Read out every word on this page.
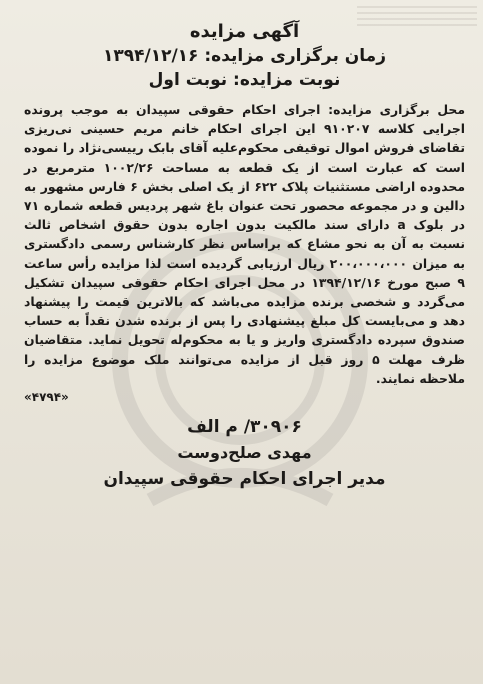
آگهی مزایده
زمان برگزاری مزایده: ۱۳۹۴/۱۲/۱۶
نوبت مزایده: نوبت اول

محل برگزاری مزایده: اجرای احکام حقوقی سپیدان به موجب پرونده اجرایی کلاسه ۹۱۰۲۰۷ این اجرای احکام خانم مریم حسینی نی‌ریزی تقاضای فروش اموال توقیفی محکوم‌علیه آقای بابک رییسی‌نژاد را نموده است که عبارت است از یک قطعه به مساحت ۱۰۰۲/۲۶ مترمربع در محدوده اراضی مستثنیات پلاک ۶۲۲ از یک اصلی بخش ۶ فارس مشهور به دالین و در مجموعه محصور تحت عنوان باغ شهر پردیس قطعه شماره ۷۱ در بلوک a دارای سند مالکیت بدون اجاره بدون حقوق اشخاص ثالث نسبت به آن به نحو مشاع که براساس نظر کارشناس رسمی دادگستری به میزان ۲۰۰،۰۰۰،۰۰۰ ریال ارزیابی گردیده است لذا مزایده رأس ساعت ۹ صبح مورخ ۱۳۹۴/۱۲/۱۶ در محل اجرای احکام حقوقی سپیدان تشکیل می‌گردد و شخصی برنده مزایده می‌باشد که بالاترین قیمت را پیشنهاد دهد و می‌بایست کل مبلغ پیشنهادی را پس از برنده شدن نقداً به حساب صندوق سپرده دادگستری واریز و یا به محکوم‌له تحویل نماید. متقاضیان ظرف مهلت ۵ روز قبل از مزایده می‌توانند ملک موضوع مزایده را ملاحظه نمایند.

«۴۷۹۴»
۳۰۹۰۶/ م الف
مهدی صلح‌دوست
مدیر اجرای احکام حقوقی سپیدان
